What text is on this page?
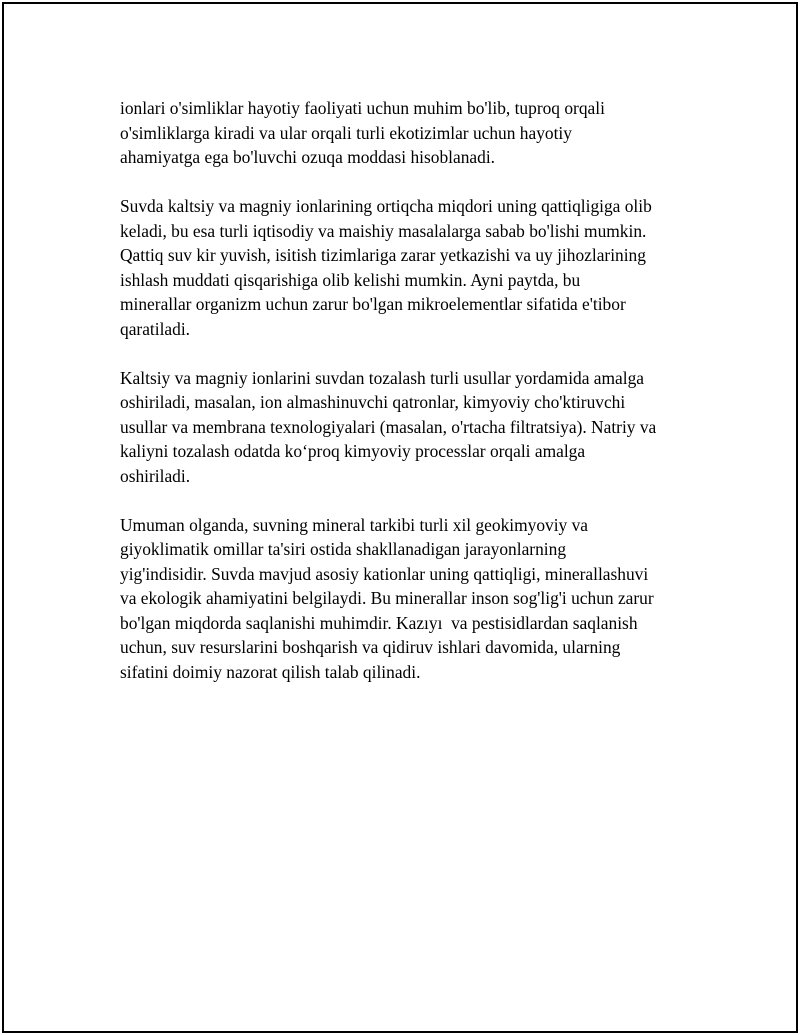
ionlari o'simliklar hayotiy faoliyati uchun muhim bo'lib, tuproq orqali
o'simliklarga kiradi va ular orqali turli ekotizimlar uchun hayotiy
ahamiyatga ega bo'luvchi ozuqa moddasi hisoblanadi.

Suvda kaltsiy va magniy ionlarining ortiqcha miqdori uning qattiqligiga olib
keladi, bu esa turli iqtisodiy va maishiy masalalarga sabab bo'lishi mumkin.
Qattiq suv kir yuvish, isitish tizimlariga zarar yetkazishi va uy jihozlarining
ishlash muddati qisqarishiga olib kelishi mumkin. Ayni paytda, bu
minerallar organizm uchun zarur bo'lgan mikroelementlar sifatida e'tibor
qaratiladi.

Kaltsiy va magniy ionlarini suvdan tozalash turli usullar yordamida amalga
oshiriladi, masalan, ion almashinuvchi qatronlar, kimyoviy cho'ktiruvchi
usullar va membrana texnologiyalari (masalan, o'rtacha filtratsiya). Natriy va
kaliyni tozalash odatda ko‘proq kimyoviy processlar orqali amalga
oshiriladi.

Umuman olganda, suvning mineral tarkibi turli xil geokimyoviy va
giyoklimatik omillar ta'siri ostida shakllanadigan jarayonlarning
yig'indisidir. Suvda mavjud asosiy kationlar uning qattiqligi, minerallashuvi
va ekologik ahamiyatini belgilaydi. Bu minerallar inson sog'lig'i uchun zarur
bo'lgan miqdorda saqlanishi muhimdir. Kazıyı  va pestisidlardan saqlanish
uchun, suv resurslarini boshqarish va qidiruv ishlari davomida, ularning
sifatini doimiy nazorat qilish talab qilinadi.
